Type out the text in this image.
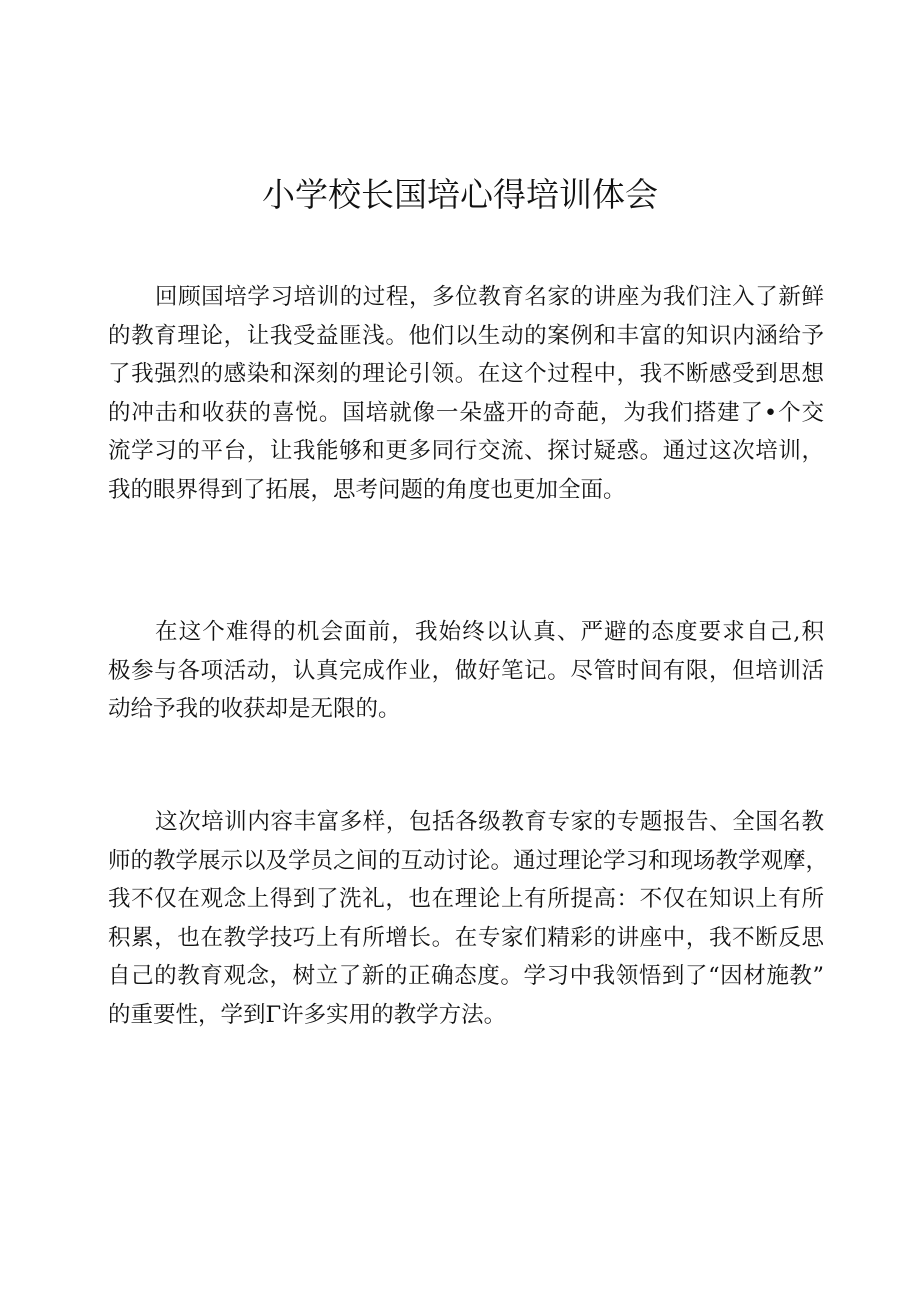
小学校长国培心得培训体会
回顾国培学习培训的过程，多位教育名家的讲座为我们注入了新鲜
的教育理论，让我受益匪浅。他们以生动的案例和丰富的知识内涵给予
了我强烈的感染和深刻的理论引领。在这个过程中，我不断感受到思想
的冲击和收获的喜悦。国培就像一朵盛开的奇葩，为我们搭建了•个交
流学习的平台，让我能够和更多同行交流、探讨疑惑。通过这次培训，
我的眼界得到了拓展，思考问题的角度也更加全面。
在这个难得的机会面前，我始终以认真、严避的态度要求自己,积
极参与各项活动，认真完成作业，做好笔记。尽管时间有限，但培训活
动给予我的收获却是无限的。
这次培训内容丰富多样，包括各级教育专家的专题报告、全国名教
师的教学展示以及学员之间的互动讨论。通过理论学习和现场教学观摩，
我不仅在观念上得到了洗礼，也在理论上有所提高：不仅在知识上有所
积累，也在教学技巧上有所增长。在专家们精彩的讲座中，我不断反思
自己的教育观念，树立了新的正确态度。学习中我领悟到了“因材施教”
的重要性，学到Γ许多实用的教学方法。
